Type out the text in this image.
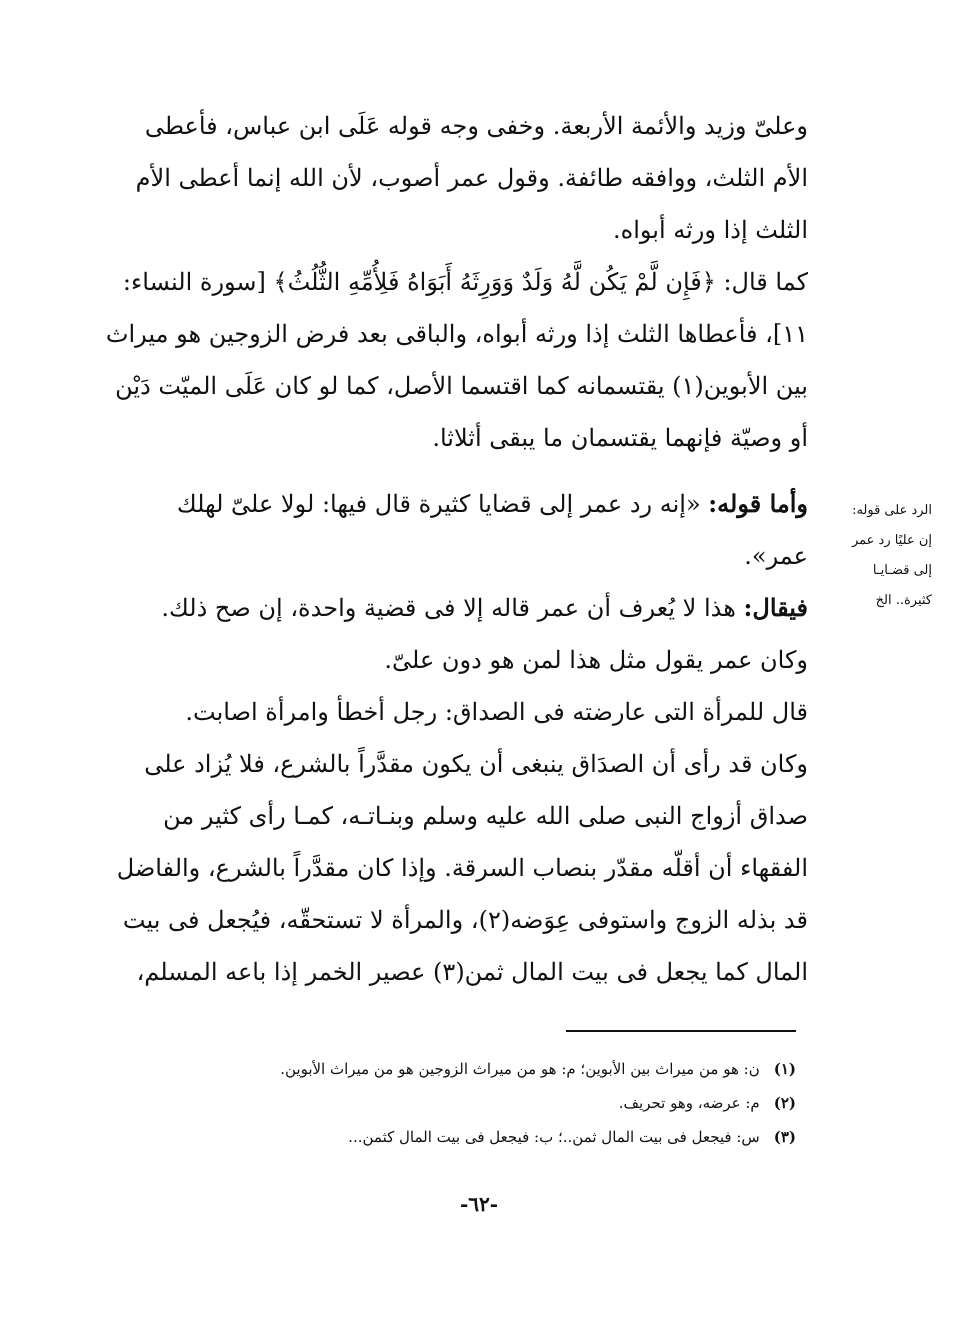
وعلىّ وزيد والأئمة الأربعة. وخفى وجه قوله عَلَى ابن عباس، فأعطى
الأم الثلث، ووافقه طائفة. وقول عمر أصوب، لأن الله إنما أعطى الأم
الثلث إذا ورثه أبواه.
كما قال: ﴿فَإِن لَّمْ يَكُن لَّهُ وَلَدٌ وَوَرِثَهُ أَبَوَاهُ فَلِأُمِّهِ الثُّلُثُ﴾ [سورة النساء:
١١]، فأعطاها الثلث إذا ورثه أبواه، والباقى بعد فرض الزوجين هو ميراث
بين الأبوين(١) يقتسمانه كما اقتسما الأصل، كما لو كان عَلَى الميّت دَيْن
أو وصيّة فإنهما يقتسمان ما يبقى أثلاثا.
وأما قوله: «إنه رد عمر إلى قضايا كثيرة قال فيها: لولا علىّ لهلك
عمر».
فيقال: هذا لا يُعرف أن عمر قاله إلا فى قضية واحدة، إن صح ذلك.
وكان عمر يقول مثل هذا لمن هو دون علىّ.
قال للمرأة التى عارضته فى الصداق: رجل أخطأ وامرأة اصابت.
وكان قد رأى أن الصدَاق ينبغى أن يكون مقدَّراً بالشرع، فلا يُزاد على
صداق أزواج النبى صلى الله عليه وسلم وبنـاتـه، كمـا رأى كثير من
الفقهاء أن أقلّه مقدّر بنصاب السرقة. وإذا كان مقدَّراً بالشرع، والفاضل
قد بذله الزوج واستوفى عِوَضه(٢)، والمرأة لا تستحقّه، فيُجعل فى بيت
المال كما يجعل فى بيت المال ثمن(٣) عصير الخمر إذا باعه المسلم،
الرد على قوله:
إن عليًا رد عمر
إلى قضـايـا
كثيرة.. الخ
(١)ن: هو من ميراث بين الأبوين؛ م: هو من ميراث الزوجين هو من ميراث الأبوين.
(٢)م: عرضه، وهو تحريف.
(٣)س: فيجعل فى بيت المال ثمن..؛ ب: فيجعل فى بيت المال كثمن...
-٦٢-
